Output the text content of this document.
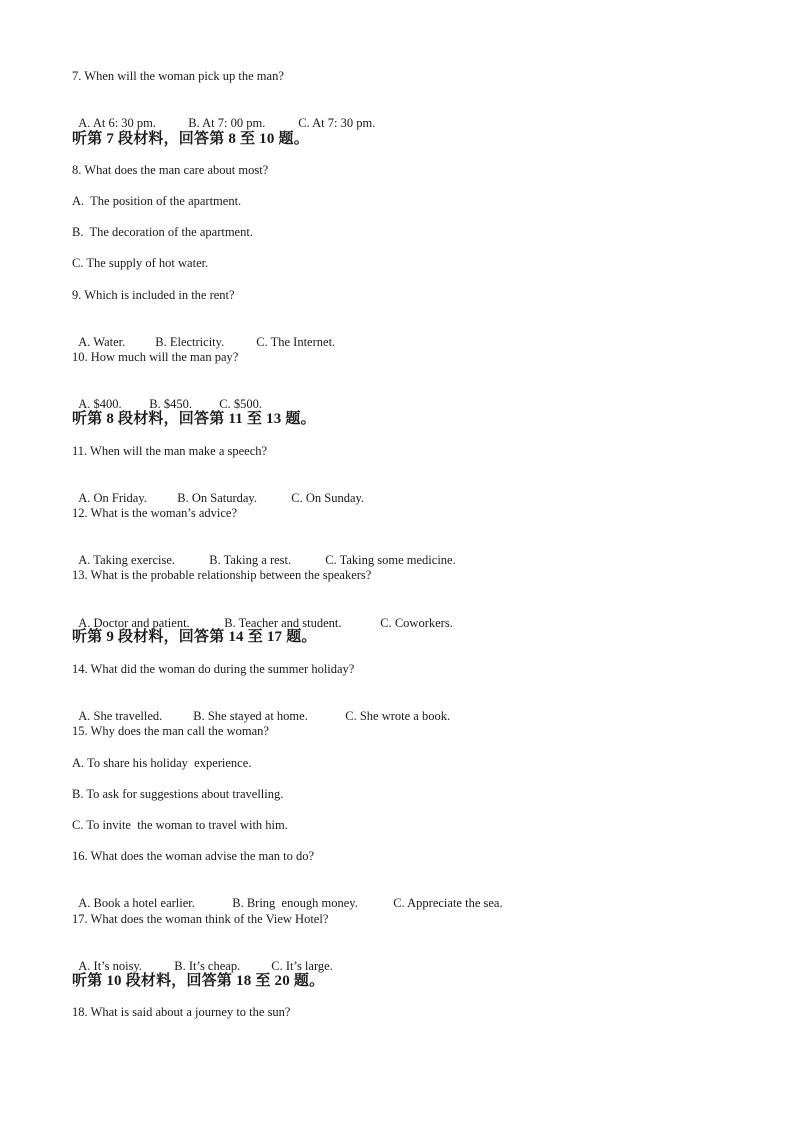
7. When will the woman pick up the man?

A. At 6: 30 pm.	B. At 7: 00 pm.	C. At 7: 30 pm.

听第 7 段材料，回答第 8 至 10 题。
8. What does the man care about most?
A.  The position of the apartment.
B.  The decoration of the apartment.
C. The supply of hot water.
9. Which is included in the rent?

A. Water. B. Electricity.	C. The Internet.

10. How much will the man pay?

A. $400. B. $450. C. $500.

听第 8 段材料，回答第 11 至 13 题。
11. When will the man make a speech?

A. On Friday. B. On Saturday.	C. On Sunday.

12. What is the woman’s advice?

A. Taking exercise.	B. Taking a rest.	C. Taking some medicine.

13. What is the probable relationship between the speakers?

A. Doctor and patient.	B. Teacher and student.	C. Coworkers.

听第 9 段材料，回答第 14 至 17 题。
14. What did the woman do during the summer holiday?

A. She travelled. B. She stayed at home.	C. She wrote a book.

15. Why does the man call the woman?
A. To share his holiday  experience.
B. To ask for suggestions about travelling.
C. To invite  the woman to travel with him.
16. What does the woman advise the man to do?

A. Book a hotel earlier.	B. Bring  enough money.	C. Appreciate the sea.

17. What does the woman think of the View Hotel?

A. It’s noisy.	B. It’s cheap. C. It’s large.

听第 10 段材料，回答第 18 至 20 题。
18. What is said about a journey to the sun?
